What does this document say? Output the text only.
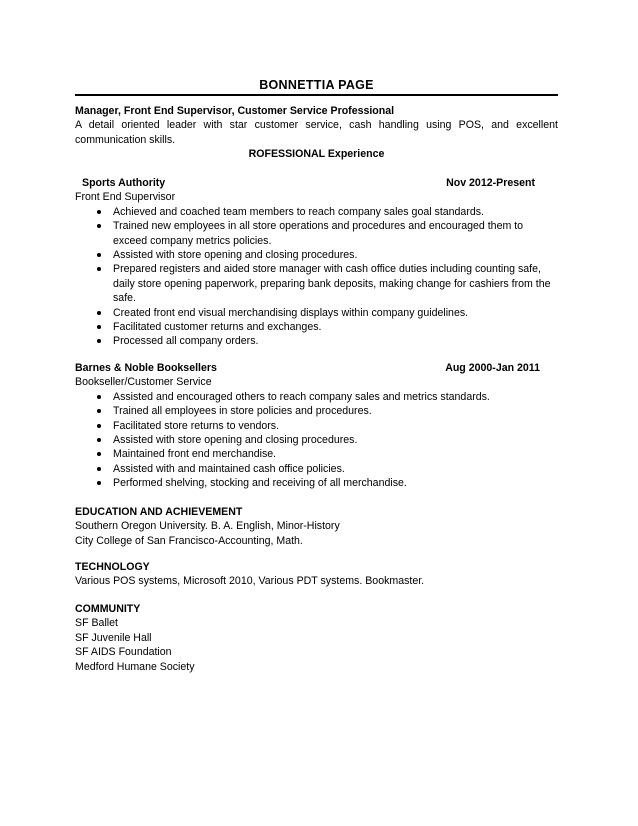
BONNETTIA PAGE

Manager, Front End Supervisor, Customer Service Professional

A detail oriented leader with star customer service, cash handling using POS, and excellent communication skills.

ROFESSIONAL Experience

Sports Authority	Nov 2012-Present

Front End Supervisor

Achieved and coached team members to reach company sales goal standards.
Trained new employees in all store operations and procedures and encouraged them to exceed company metrics policies.
Assisted with store opening and closing procedures.
Prepared registers and aided store manager with cash office duties including counting safe, daily store opening paperwork, preparing bank deposits, making change for cashiers from the safe.
Created front end visual merchandising displays within company guidelines.
Facilitated customer returns and exchanges.
Processed all company orders.
Barnes & Noble Booksellers	Aug 2000-Jan 2011

Bookseller/Customer Service

Assisted and encouraged others to reach company sales and metrics standards.
Trained all employees in store policies and procedures.
Facilitated store returns to vendors.
Assisted with store opening and closing procedures.
Maintained front end merchandise.
Assisted with and maintained cash office policies.
Performed shelving, stocking and receiving of all merchandise.

EDUCATION AND ACHIEVEMENT

Southern Oregon University. B. A. English, Minor-History

City College of San Francisco-Accounting, Math.

TECHNOLOGY

Various POS systems, Microsoft 2010, Various PDT systems. Bookmaster.

COMMUNITY

SF Ballet

SF Juvenile Hall

SF AIDS Foundation

Medford Humane Society
